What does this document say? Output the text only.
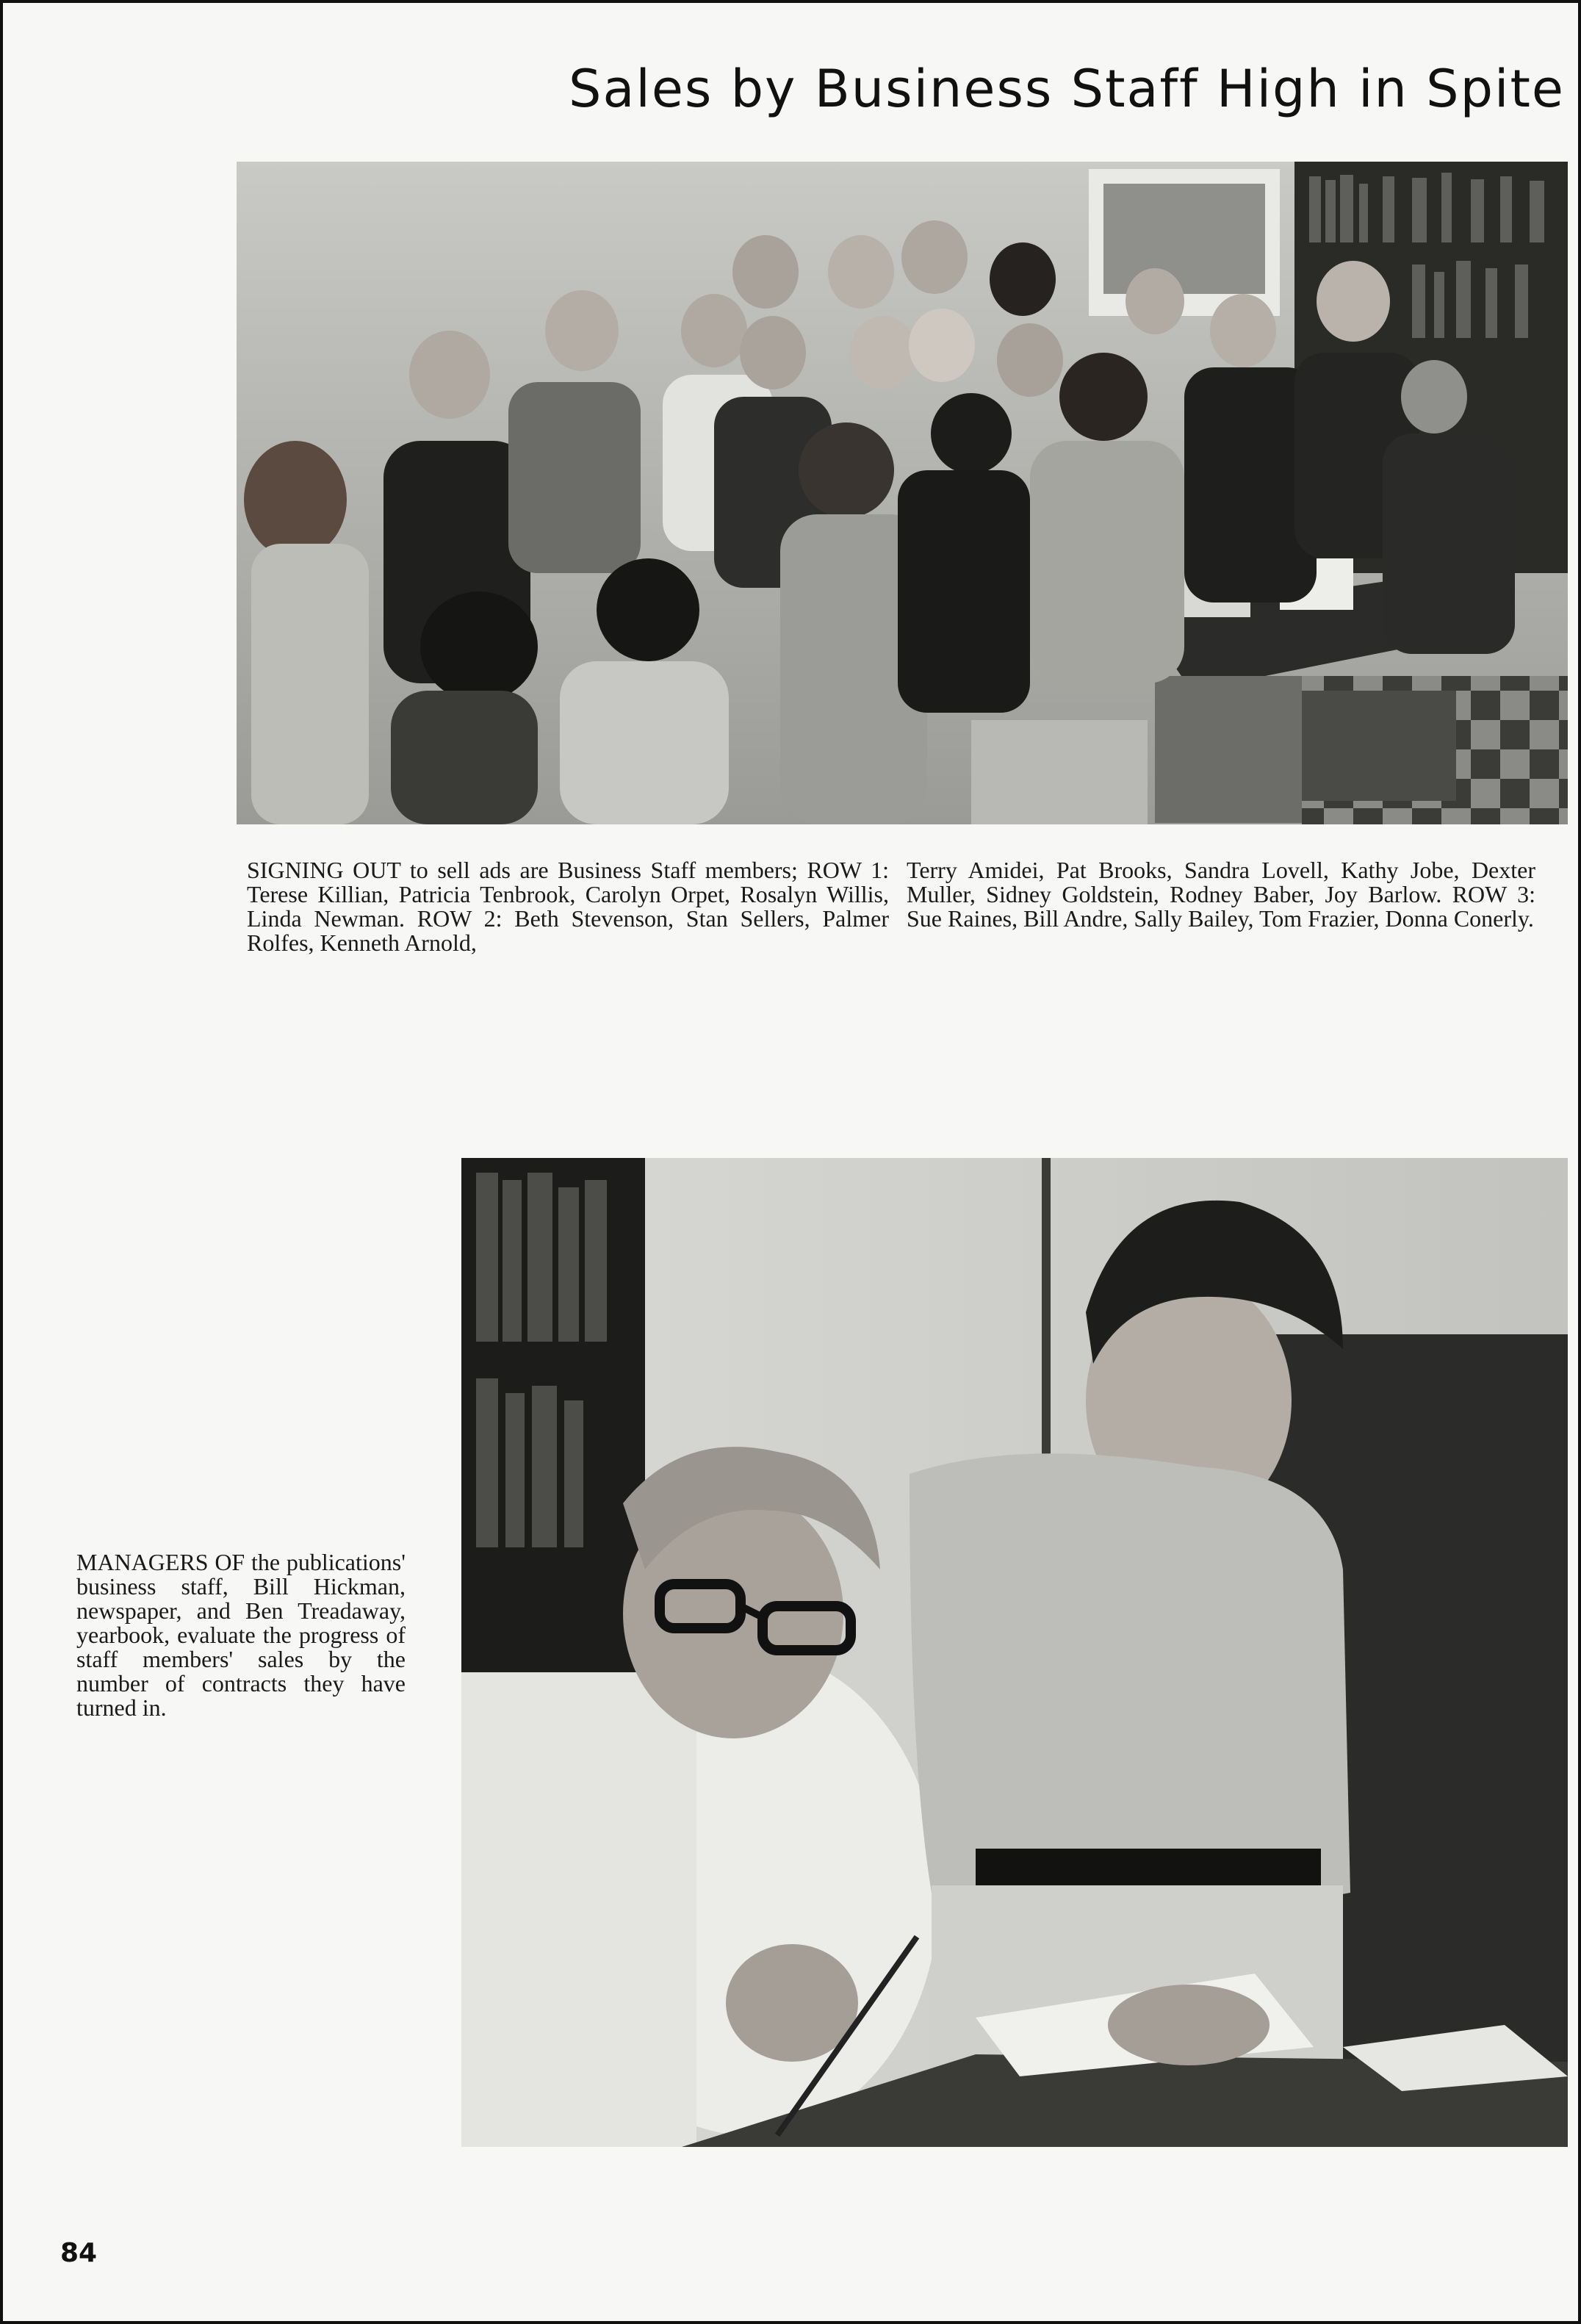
Sales by Business Staff High in Spite

SIGNING OUT to sell ads are Business Staff members; ROW 1: Terese Killian, Patricia Tenbrook, Carolyn Orpet, Rosalyn Willis, Linda Newman. ROW 2: Beth Stevenson, Stan Sellers, Palmer Rolfes, Kenneth Arnold,

Terry Amidei, Pat Brooks, Sandra Lovell, Kathy Jobe, Dexter Muller, Sidney Goldstein, Rodney Baber, Joy Barlow. ROW 3: Sue Raines, Bill Andre, Sally Bailey, Tom Frazier, Donna Conerly.

MANAGERS OF the publications' business staff, Bill Hickman, newspaper, and Ben Treadaway, yearbook, evaluate the progress of staff members' sales by the number of contracts they have turned in.

84
